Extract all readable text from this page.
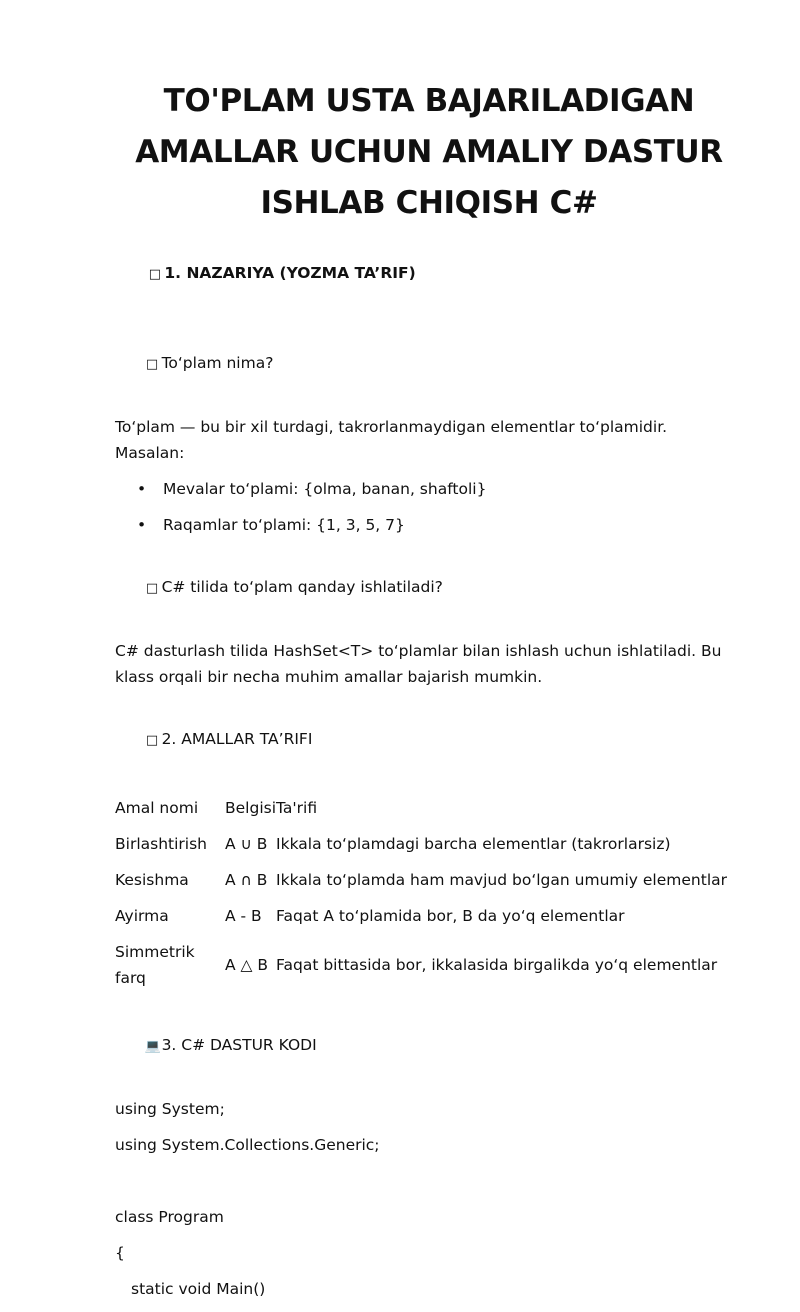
TO'PLAM USTA BAJARILADIGAN
AMALLAR UCHUN AMALIY DASTUR
ISHLAB CHIQISH C#

□ 1. NAZARIYA (YOZMA TA’RIF)

□ To‘plam nima?

To‘plam — bu bir xil turdagi, takrorlanmaydigan elementlar to‘plamidir. Masalan:

• Mevalar to‘plami: {olma, banan, shaftoli}
• Raqamlar to‘plami: {1, 3, 5, 7}

□ C# tilida to‘plam qanday ishlatiladi?

C# dasturlash tilida HashSet<T> to‘plamlar bilan ishlash uchun ishlatiladi. Bu klass orqali bir necha muhim amallar bajarish mumkin.

□ 2. AMALLAR TA’RIFI

Amal nomi	Belgisi	Ta'rifi
Birlashtirish	A ∪ B	Ikkala to‘plamdagi barcha elementlar (takrorlarsiz)
Kesishma	A ∩ B	Ikkala to‘plamda ham mavjud bo‘lgan umumiy elementlar
Ayirma	A - B	Faqat A to‘plamida bor, B da yo‘q elementlar
Simmetrik farq	A △ B	Faqat bittasida bor, ikkalasida birgalikda yo‘q elementlar

💻3. C# DASTUR KODI

using System;

using System.Collections.Generic;

class Program

{

static void Main()
